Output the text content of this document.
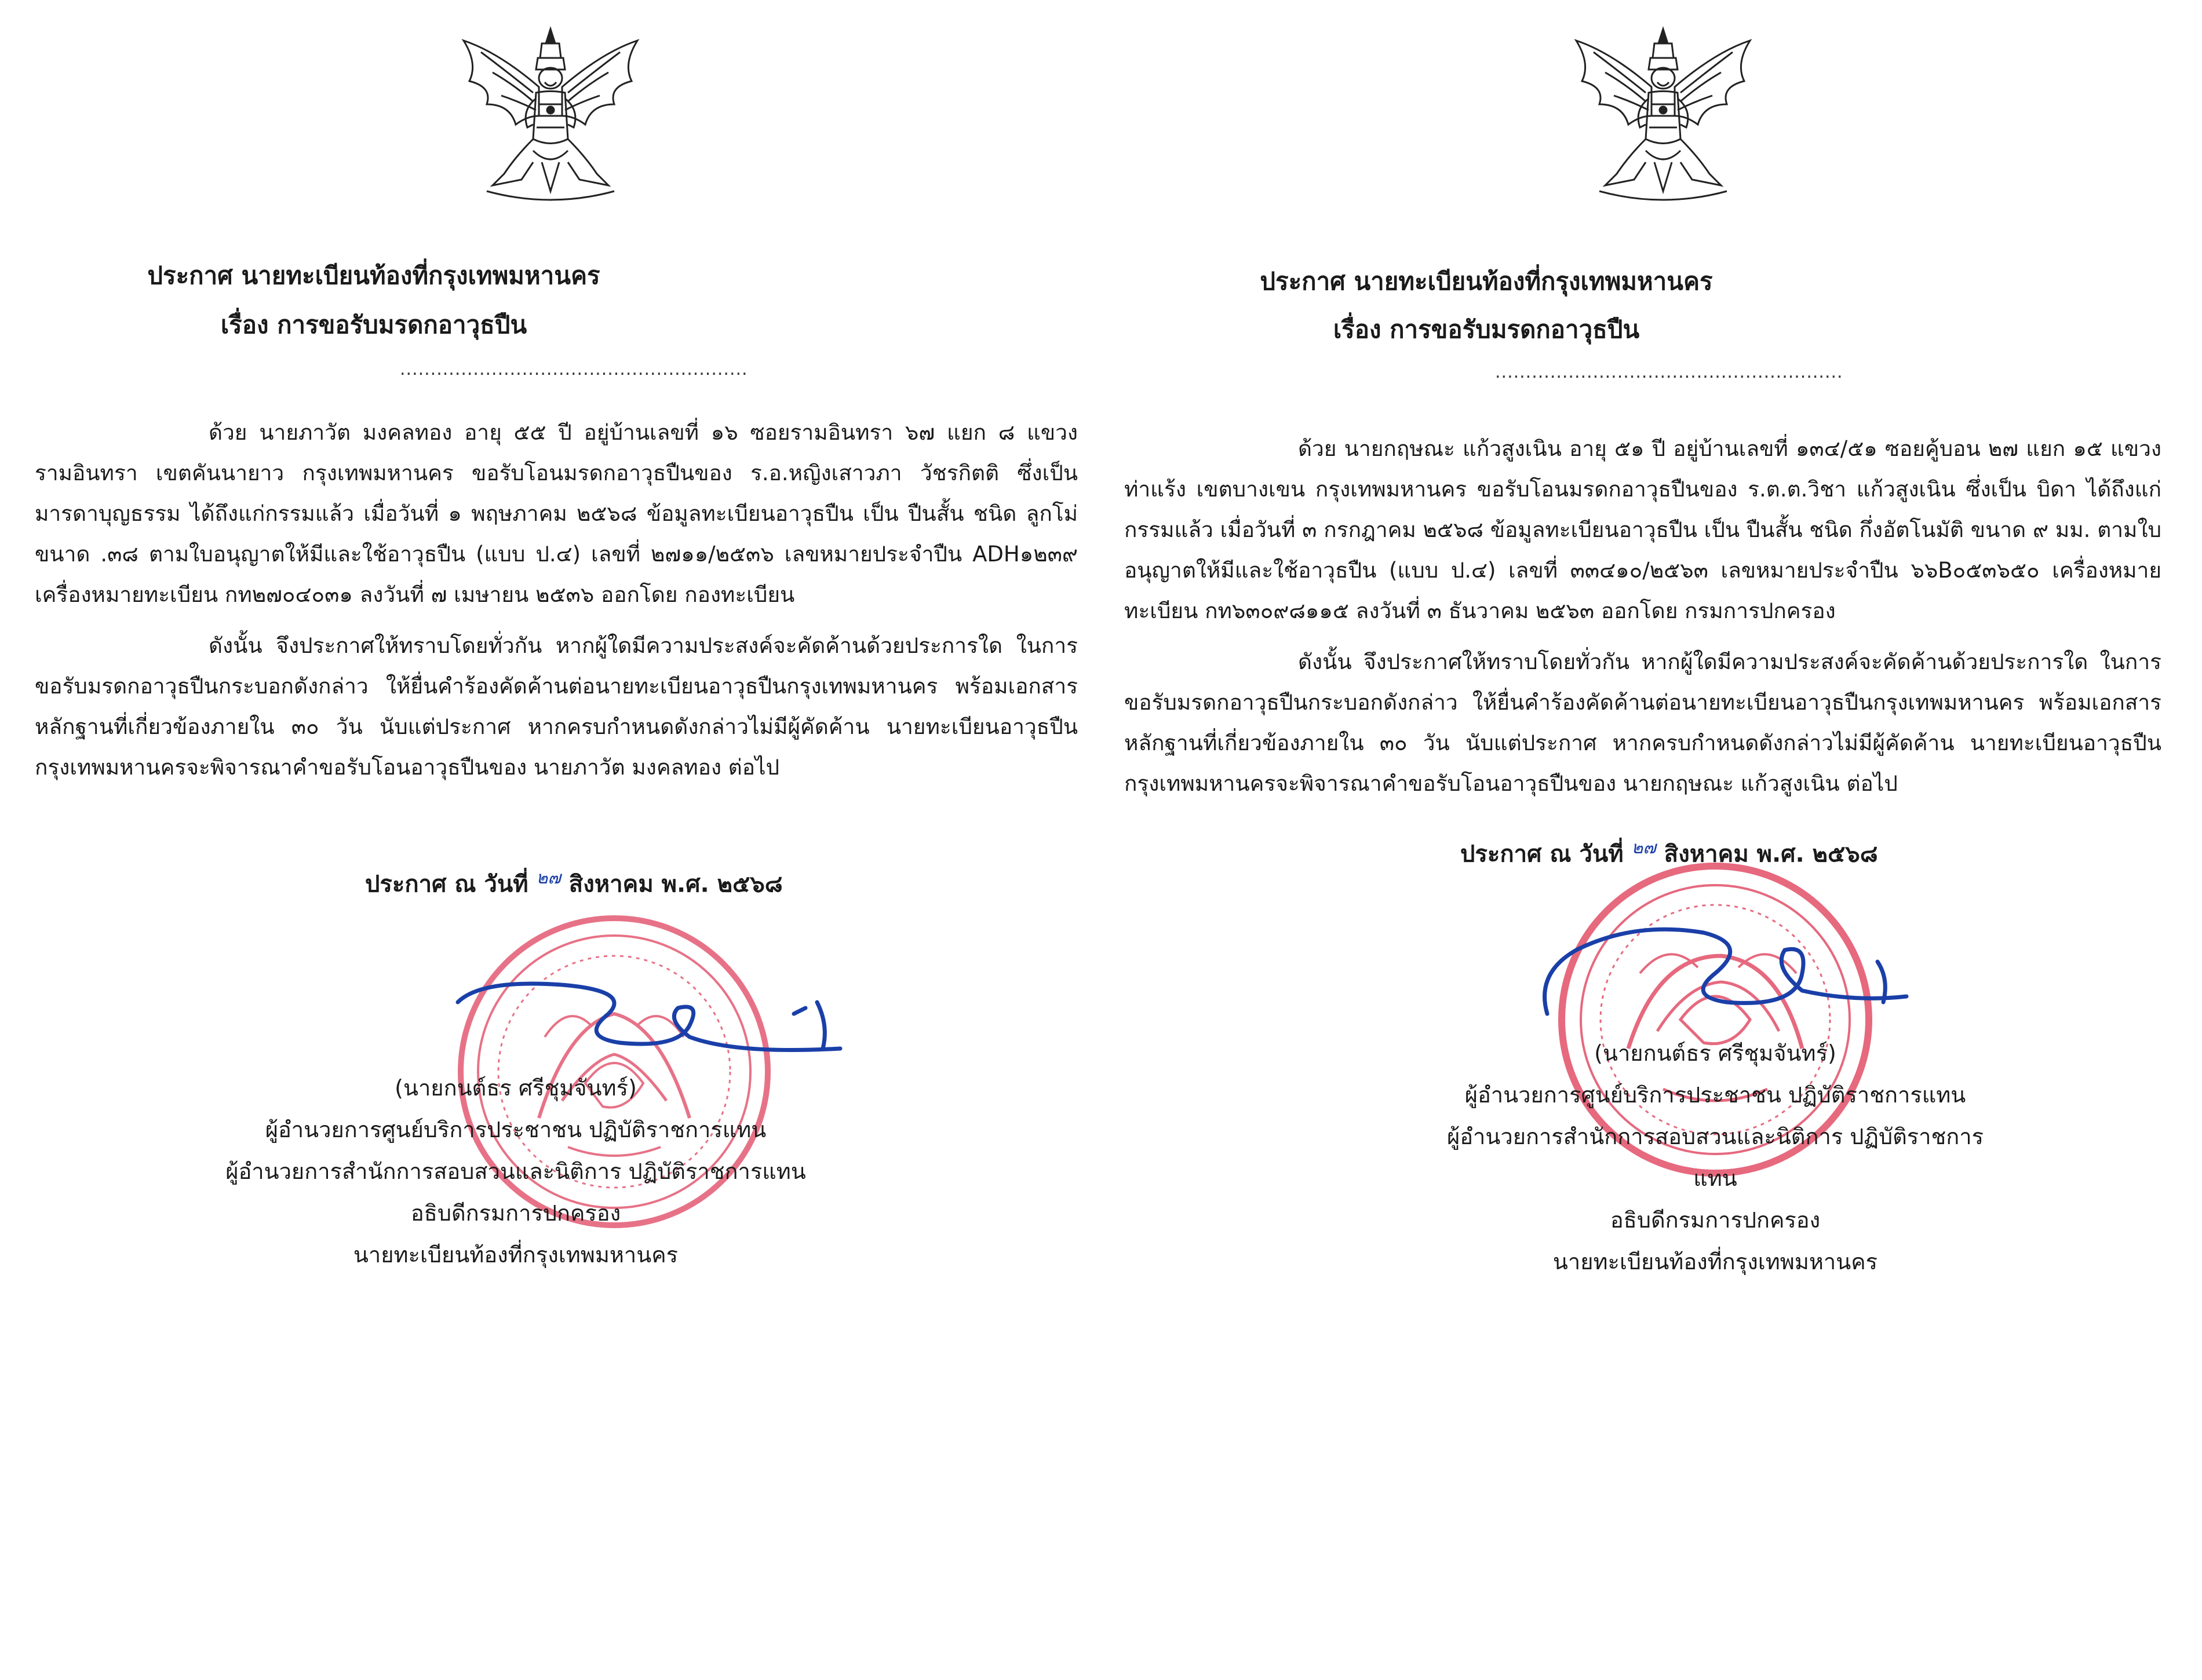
ประกาศ นายทะเบียนท้องที่กรุงเทพมหานคร
เรื่อง การขอรับมรดกอาวุธปืน
.........................................................

ด้วย นายภาวัต มงคลทอง อายุ ๕๕ ปี อยู่บ้านเลขที่ ๑๖ ซอยรามอินทรา ๖๗ แยก ๘ แขวงรามอินทรา เขตคันนายาว กรุงเทพมหานคร ขอรับโอนมรดกอาวุธปืนของ ร.อ.หญิงเสาวภา วัชรกิตติ ซึ่งเป็น มารดาบุญธรรม ได้ถึงแก่กรรมแล้ว เมื่อวันที่ ๑ พฤษภาคม ๒๕๖๘ ข้อมูลทะเบียนอาวุธปืน เป็น ปืนสั้น ชนิด ลูกโม่ ขนาด .๓๘ ตามใบอนุญาตให้มีและใช้อาวุธปืน (แบบ ป.๔) เลขที่ ๒๗๑๑/๒๕๓๖ เลขหมายประจำปืน ADH๑๒๓๙ เครื่องหมายทะเบียน กท๒๗๐๔๐๓๑ ลงวันที่ ๗ เมษายน ๒๕๓๖ ออกโดย กองทะเบียน

ดังนั้น จึงประกาศให้ทราบโดยทั่วกัน หากผู้ใดมีความประสงค์จะคัดค้านด้วยประการใด ในการขอรับมรดกอาวุธปืนกระบอกดังกล่าว ให้ยื่นคำร้องคัดค้านต่อนายทะเบียนอาวุธปืนกรุงเทพมหานคร พร้อมเอกสารหลักฐานที่เกี่ยวข้องภายใน ๓๐ วัน นับแต่ประกาศ หากครบกำหนดดังกล่าวไม่มีผู้คัดค้าน นายทะเบียนอาวุธปืนกรุงเทพมหานครจะพิจารณาคำขอรับโอนอาวุธปืนของ นายภาวัต มงคลทอง ต่อไป

ประกาศ ณ วันที่ $^{๒๗}$ สิงหาคม พ.ศ. ๒๕๖๘
(นายกนต์ธร ศรีชุมจันทร์)
ผู้อำนวยการศูนย์บริการประชาชน ปฏิบัติราชการแทน
ผู้อำนวยการสำนักการสอบสวนและนิติการ ปฏิบัติราชการแทน
อธิบดีกรมการปกครอง
นายทะเบียนท้องที่กรุงเทพมหานคร
ประกาศ นายทะเบียนท้องที่กรุงเทพมหานคร
เรื่อง การขอรับมรดกอาวุธปืน
.........................................................

ด้วย นายกฤษณะ แก้วสูงเนิน อายุ ๕๑ ปี อยู่บ้านเลขที่ ๑๓๔/๕๑ ซอยคู้บอน ๒๗ แยก ๑๕ แขวงท่าแร้ง เขตบางเขน กรุงเทพมหานคร ขอรับโอนมรดกอาวุธปืนของ ร.ต.ต.วิชา แก้วสูงเนิน ซึ่งเป็น บิดา ได้ถึงแก่กรรมแล้ว เมื่อวันที่ ๓ กรกฎาคม ๒๕๖๘ ข้อมูลทะเบียนอาวุธปืน เป็น ปืนสั้น ชนิด กึ่งอัตโนมัติ ขนาด ๙ มม. ตามใบอนุญาตให้มีและใช้อาวุธปืน (แบบ ป.๔) เลขที่ ๓๓๔๑๐/๒๕๖๓ เลขหมายประจำปืน ๖๖B๐๕๓๖๕๐ เครื่องหมายทะเบียน กท๖๓๐๙๘๑๑๕ ลงวันที่ ๓ ธันวาคม ๒๕๖๓ ออกโดย กรมการปกครอง

ดังนั้น จึงประกาศให้ทราบโดยทั่วกัน หากผู้ใดมีความประสงค์จะคัดค้านด้วยประการใด ในการขอรับมรดกอาวุธปืนกระบอกดังกล่าว ให้ยื่นคำร้องคัดค้านต่อนายทะเบียนอาวุธปืนกรุงเทพมหานคร พร้อมเอกสารหลักฐานที่เกี่ยวข้องภายใน ๓๐ วัน นับแต่ประกาศ หากครบกำหนดดังกล่าวไม่มีผู้คัดค้าน นายทะเบียนอาวุธปืนกรุงเทพมหานครจะพิจารณาคำขอรับโอนอาวุธปืนของ นายกฤษณะ แก้วสูงเนิน ต่อไป

ประกาศ ณ วันที่ $^{๒๗}$ สิงหาคม พ.ศ. ๒๕๖๘
(นายกนต์ธร ศรีชุมจันทร์)
ผู้อำนวยการศูนย์บริการประชาชน ปฏิบัติราชการแทน
ผู้อำนวยการสำนักการสอบสวนและนิติการ ปฏิบัติราชการแทน
อธิบดีกรมการปกครอง
นายทะเบียนท้องที่กรุงเทพมหานคร
